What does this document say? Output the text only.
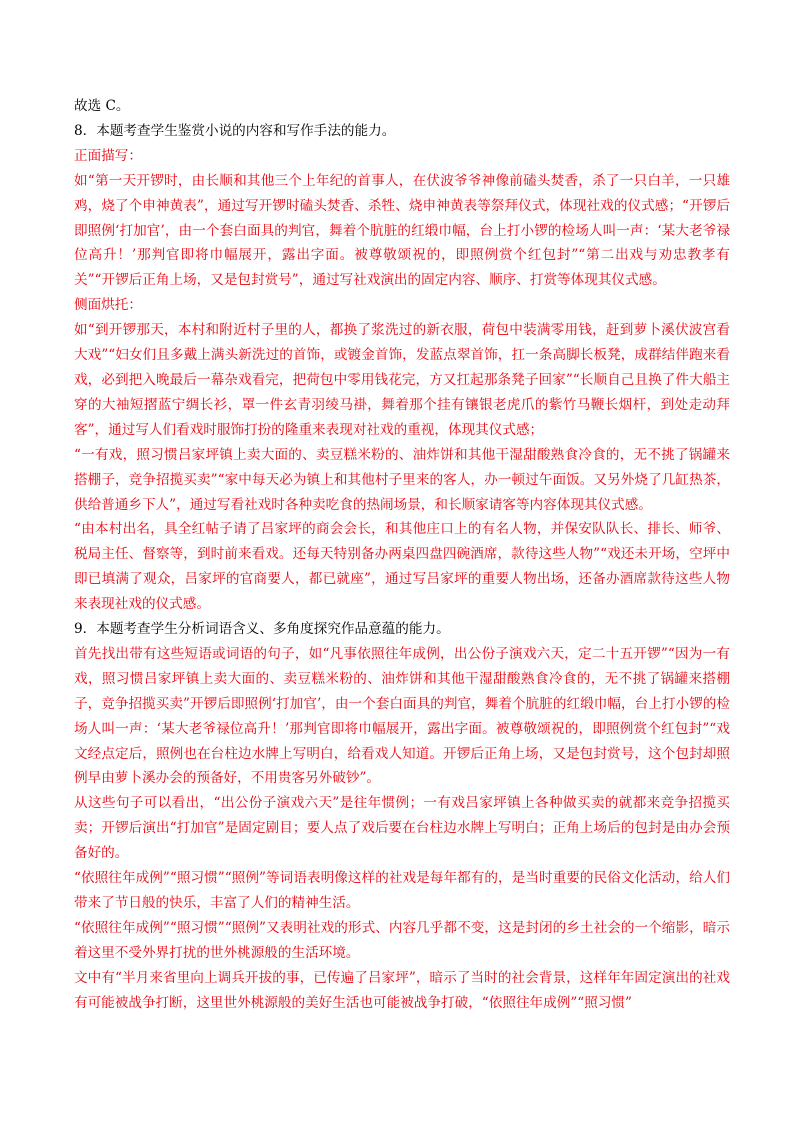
故选 C。

8．本题考查学生鉴赏小说的内容和写作手法的能力。

正面描写：

如“第一天开锣时，由长顺和其他三个上年纪的首事人，在伏波爷爷神像前磕头焚香，杀了一只白羊，一只雄鸡，烧了个申神黄表”，通过写开锣时磕头焚香、杀牲、烧申神黄表等祭拜仪式，体现社戏的仪式感；“开锣后即照例‘打加官’，由一个套白面具的判官，舞着个肮脏的红缎巾幅，台上打小锣的检场人叫一声：‘某大老爷禄位高升！’那判官即将巾幅展开，露出字面。被尊敬颂祝的，即照例赏个红包封”“第二出戏与劝忠教孝有关”“开锣后正角上场，又是包封赏号”，通过写社戏演出的固定内容、顺序、打赏等体现其仪式感。

侧面烘托：

如“到开锣那天，本村和附近村子里的人，都换了浆洗过的新衣服，荷包中装满零用钱，赶到萝卜溪伏波宫看大戏”“妇女们且多戴上满头新洗过的首饰，或镀金首饰，发蓝点翠首饰，扛一条高脚长板凳，成群结伴跑来看戏，必到把入晚最后一幕杂戏看完，把荷包中零用钱花完，方又扛起那条凳子回家”“长顺自己且换了件大船主穿的大袖短摺蓝宁绸长衫，罩一件玄青羽绫马褂，舞着那个挂有镶银老虎爪的紫竹马鞭长烟杆，到处走动拜客”，通过写人们看戏时服饰打扮的隆重来表现对社戏的重视，体现其仪式感；

“一有戏，照习惯吕家坪镇上卖大面的、卖豆糕米粉的、油炸饼和其他干湿甜酸熟食冷食的，无不挑了锅罐来搭棚子，竞争招揽买卖”“家中每天必为镇上和其他村子里来的客人，办一顿过午面饭。又另外烧了几缸热茶，供给普通乡下人”，通过写看社戏时各种卖吃食的热闹场景，和长顺家请客等内容体现其仪式感。

“由本村出名，具全红帖子请了吕家坪的商会会长，和其他庄口上的有名人物，并保安队队长、排长、师爷、税局主任、督察等，到时前来看戏。还每天特别备办两桌四盘四碗酒席，款待这些人物”“戏还未开场，空坪中即已填满了观众，吕家坪的官商要人，都已就座”，通过写吕家坪的重要人物出场，还备办酒席款待这些人物来表现社戏的仪式感。

9．本题考查学生分析词语含义、多角度探究作品意蕴的能力。

首先找出带有这些短语或词语的句子，如“凡事依照往年成例，出公份子演戏六天，定二十五开锣”“因为一有戏，照习惯吕家坪镇上卖大面的、卖豆糕米粉的、油炸饼和其他干湿甜酸熟食冷食的，无不挑了锅罐来搭棚子，竞争招揽买卖”开锣后即照例‘打加官’，由一个套白面具的判官，舞着个肮脏的红缎巾幅，台上打小锣的检场人叫一声：‘某大老爷禄位高升！’那判官即将巾幅展开，露出字面。被尊敬颂祝的，即照例赏个红包封”“戏文经点定后，照例也在台柱边水牌上写明白，给看戏人知道。开锣后正角上场，又是包封赏号，这个包封却照例早由萝卜溪办会的预备好，不用贵客另外破钞”。

从这些句子可以看出，“出公份子演戏六天”是往年惯例；一有戏吕家坪镇上各种做买卖的就都来竞争招揽买卖；开锣后演出“打加官”是固定剧目；要人点了戏后要在台柱边水牌上写明白；正角上场后的包封是由办会预备好的。

“依照往年成例”“照习惯”“照例”等词语表明像这样的社戏是每年都有的，是当时重要的民俗文化活动，给人们带来了节日般的快乐，丰富了人们的精神生活。

“依照往年成例”“照习惯”“照例”又表明社戏的形式、内容几乎都不变，这是封闭的乡土社会的一个缩影，暗示着这里不受外界打扰的世外桃源般的生活环境。

文中有“半月来省里向上调兵开拔的事，已传遍了吕家坪”，暗示了当时的社会背景，这样年年固定演出的社戏有可能被战争打断，这里世外桃源般的美好生活也可能被战争打破，“依照往年成例”“照习惯”
